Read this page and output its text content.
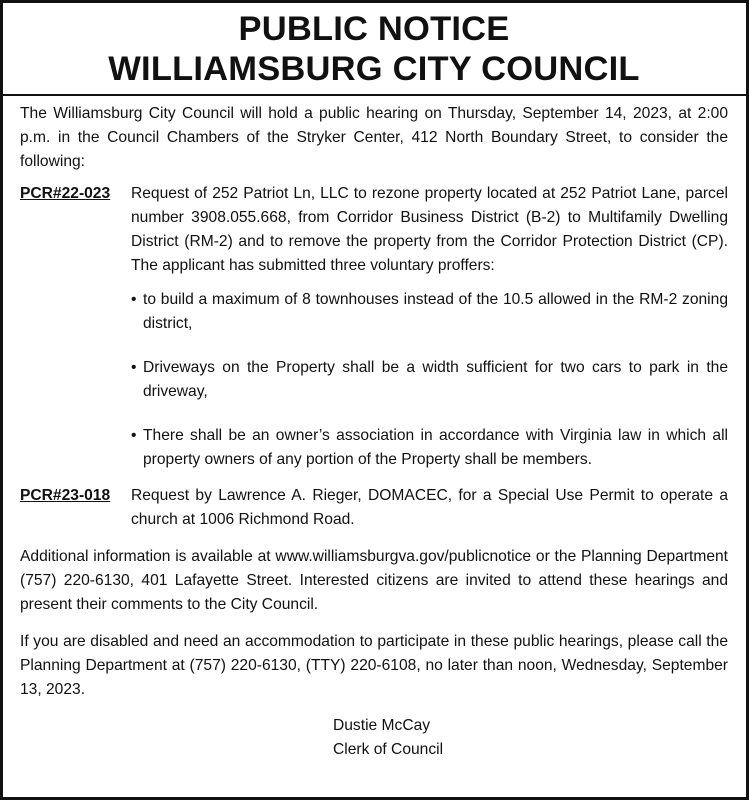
PUBLIC NOTICE
WILLIAMSBURG CITY COUNCIL

The Williamsburg City Council will hold a public hearing on Thursday, September 14, 2023, at 2:00 p.m. in the Council Chambers of the Stryker Center, 412 North Boundary Street, to consider the following:

PCR#22-023	Request of 252 Patriot Ln, LLC to rezone property located at 252 Patriot Lane, parcel number 3908.055.668, from Corridor Business District (B-2) to Multifamily Dwelling District (RM-2) and to remove the property from the Corridor Protection District (CP). The applicant has submitted three voluntary proffers:

• to build a maximum of 8 townhouses instead of the 10.5 allowed in the RM-2 zoning district,
• Driveways on the Property shall be a width sufficient for two cars to park in the driveway,
• There shall be an owner’s association in accordance with Virginia law in which all property owners of any portion of the Property shall be members.
PCR#23-018	Request by Lawrence A. Rieger, DOMACEC, for a Special Use Permit to operate a church at 1006 Richmond Road.

Additional information is available at www.williamsburgva.gov/publicnotice or the Planning Department (757) 220-6130, 401 Lafayette Street. Interested citizens are invited to attend these hearings and present their comments to the City Council.

If you are disabled and need an accommodation to participate in these public hearings, please call the Planning Department at (757) 220-6130, (TTY) 220-6108, no later than noon, Wednesday, September 13, 2023.

Dustie McCay

Clerk of Council
